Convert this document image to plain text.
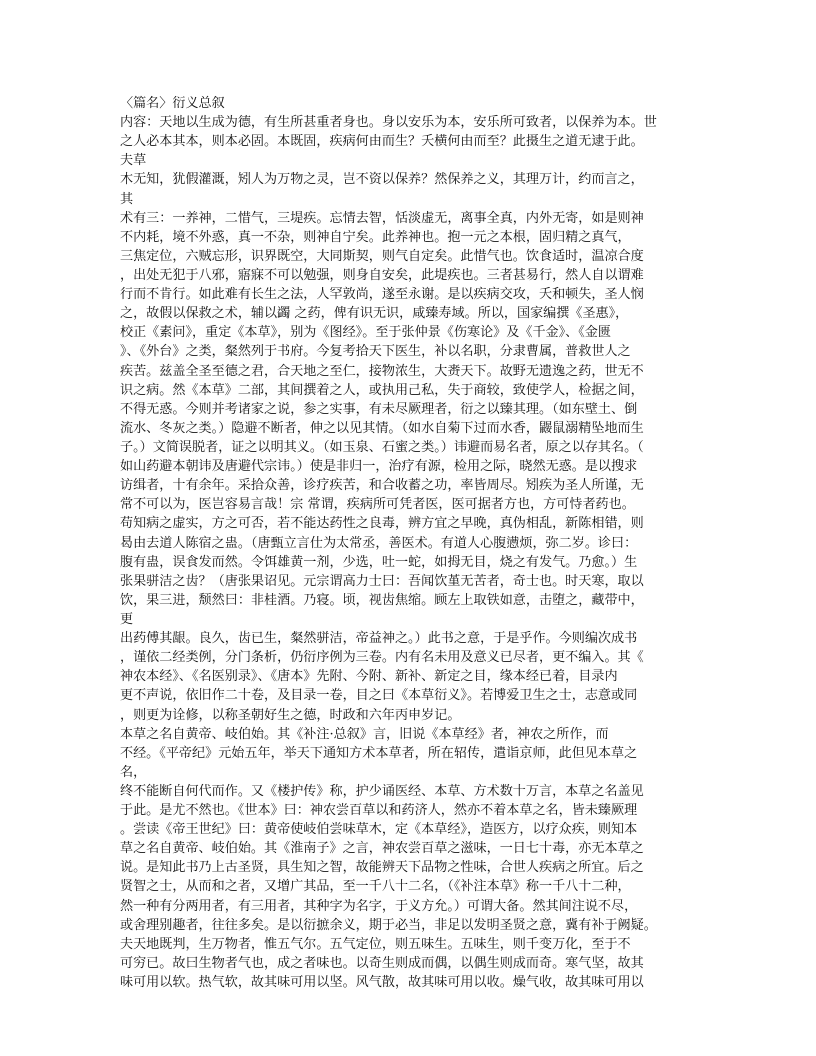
〈篇名〉衍义总叙
内容：天地以生成为德，有生所甚重者身也。身以安乐为本，安乐所可致者，以保养为本。世
之人必本其本，则本必固。本既固，疾病何由而生？夭横何由而至？此摄生之道无逮于此。
夫草
木无知，犹假灌溉，矧人为万物之灵，岂不资以保养？然保养之义，其理万计，约而言之，
其
术有三：一养神，二惜气，三堤疾。忘情去智，恬淡虚无，离事全真，内外无寄，如是则神
不内耗，境不外惑，真一不杂，则神自宁矣。此养神也。抱一元之本根，固归精之真气，
三焦定位，六贼忘形，识界既空，大同斯契，则气自定矣。此惜气也。饮食适时，温凉合度
，出处无犯于八邪，寤寐不可以勉强，则身自安矣，此堤疾也。三者甚易行，然人自以谓难
行而不肯行。如此难有长生之法，人罕敦尚，遂至永谢。是以疾病交攻，夭和顿失，圣人悯
之，故假以保救之术，辅以蠲 之药，俾有识无识，咸臻寿域。所以，国家编撰《圣惠》，
校正《素问》，重定《本草》，别为《图经》。至于张仲景《伤寒论》及《千金》、《金匮
》、《外台》之类，粲然列于书府。今复考拾天下医生，补以名职，分隶曹属，普救世人之
疾苦。兹盖全圣至德之君，合天地之至仁，接物浓生，大赉天下。故野无遗逸之药，世无不
识之病。然《本草》二部，其间撰着之人，或执用己私，失于商较，致使学人，检据之间，
不得无惑。今则并考诸家之说，参之实事，有未尽厥理者，衍之以臻其理。（如东壁土、倒
流水、冬灰之类。）隐避不断者，伸之以见其情。（如水自菊下过而水香，鼹鼠溺精坠地而生
子。）文简误脱者，证之以明其义。（如玉泉、石蜜之类。）讳避而易名者，原之以存其名。（
如山药避本朝讳及唐避代宗讳。）使是非归一，治疗有源，检用之际，晓然无惑。是以搜求
访缉者，十有余年。采拾众善，诊疗疾苦，和合收蓄之功，率皆周尽。矧疾为圣人所谨，无
常不可以为，医岂容易言哉！宗 常谓，疾病所可凭者医，医可据者方也，方可恃者药也。
苟知病之虚实，方之可否，若不能达药性之良毒，辨方宜之早晚，真伪相乱，新陈相错，则
曷由去道人陈宿之蛊。（唐甄立言仕为太常丞，善医术。有道人心腹懑烦，弥二岁。诊曰：
腹有蛊，误食发而然。令饵雄黄一剂，少选，吐一蛇，如拇无目，烧之有发气。乃愈。）生
张果骈洁之齿？（唐张果诏见。元宗谓高力士曰：吾闻饮堇无苦者，奇士也。时天寒，取以
饮，果三进，颓然曰：非桂酒。乃寝。顷，视齿焦缩。顾左上取铁如意，击堕之，藏带中，
更
出药傅其龈。良久，齿已生，粲然骈洁，帝益神之。）此书之意，于是乎作。今则编次成书
，谨依二经类例，分门条析，仍衍序例为三卷。内有名未用及意义已尽者，更不编入。其《
神农本经》、《名医别录》、《唐本》先附、今附、新补、新定之目，缘本经已着，目录内
更不声说，依旧作二十卷，及目录一卷，目之曰《本草衍义》。若博爱卫生之士，志意或同
，则更为诠修，以称圣朝好生之德，时政和六年丙申岁记。
本草之名自黄帝、岐伯始。其《补注·总叙》言，旧说《本草经》者，神农之所作，而
不经。《平帝纪》元始五年，举天下通知方术本草者，所在轺传，遣诣京师，此但见本草之
名，
终不能断自何代而作。又《楼护传》称，护少诵医经、本草、方术数十万言，本草之名盖见
于此。是尤不然也。《世本》曰：神农尝百草以和药济人，然亦不着本草之名，皆未臻厥理
。尝读《帝王世纪》曰：黄帝使岐伯尝味草木，定《本草经》，造医方，以疗众疾，则知本
草之名自黄帝、岐伯始。其《淮南子》之言，神农尝百草之滋味，一日七十毒，亦无本草之
说。是知此书乃上古圣贤，具生知之智，故能辨天下品物之性味，合世人疾病之所宜。后之
贤智之士，从而和之者，又增广其品，至一千八十二名，（《补注本草》称一千八十二种，
然一种有分两用者，有三用者，其种字为名字，于义方允。）可谓大备。然其间注说不尽，
或舍理别趣者，往往多矣。是以衍摭余义，期于必当，非足以发明圣贤之意，冀有补于阙疑。
夫天地既判，生万物者，惟五气尔。五气定位，则五味生。五味生，则千变万化，至于不
可穷已。故曰生物者气也，成之者味也。以奇生则成而偶，以偶生则成而奇。寒气坚，故其
味可用以软。热气软，故其味可用以坚。风气散，故其味可用以收。燥气收，故其味可用以
